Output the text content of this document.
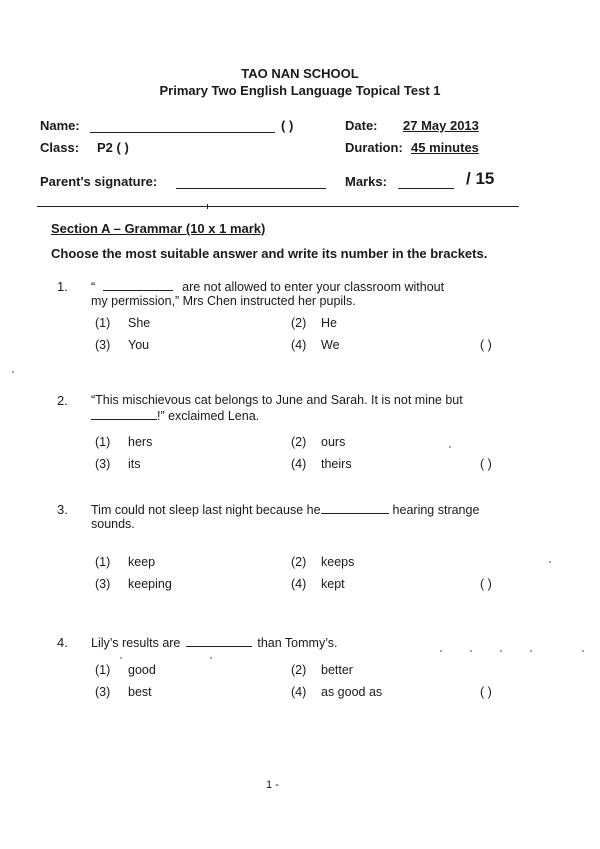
TAO NAN SCHOOL
Primary Two English Language Topical Test 1
Name:	( )	Date: 27 May 2013
Class: P2 ( )	Duration: 45 minutes
Parent's signature:	Marks:	/ 15
Section A – Grammar (10 x 1 mark)
Choose the most suitable answer and write its number in the brackets.
1. “	are not allowed to enter your classroom without
my permission,” Mrs Chen instructed her pupils.
(1) She	(2) He
(3) You	(4) We	( )
2. “This mischievous cat belongs to June and Sarah. It is not mine but
!” exclaimed Lena.
(1) hers	(2) ours
(3) its	(4) theirs	( )
3. Tim could not sleep last night because he	hearing strange
sounds.
(1) keep	(2) keeps
(3) keeping	(4) kept	( )
4. Lily’s results are	than Tommy’s.
(1) good	(2) better
(3) best	(4) as good as	( )
1 -
